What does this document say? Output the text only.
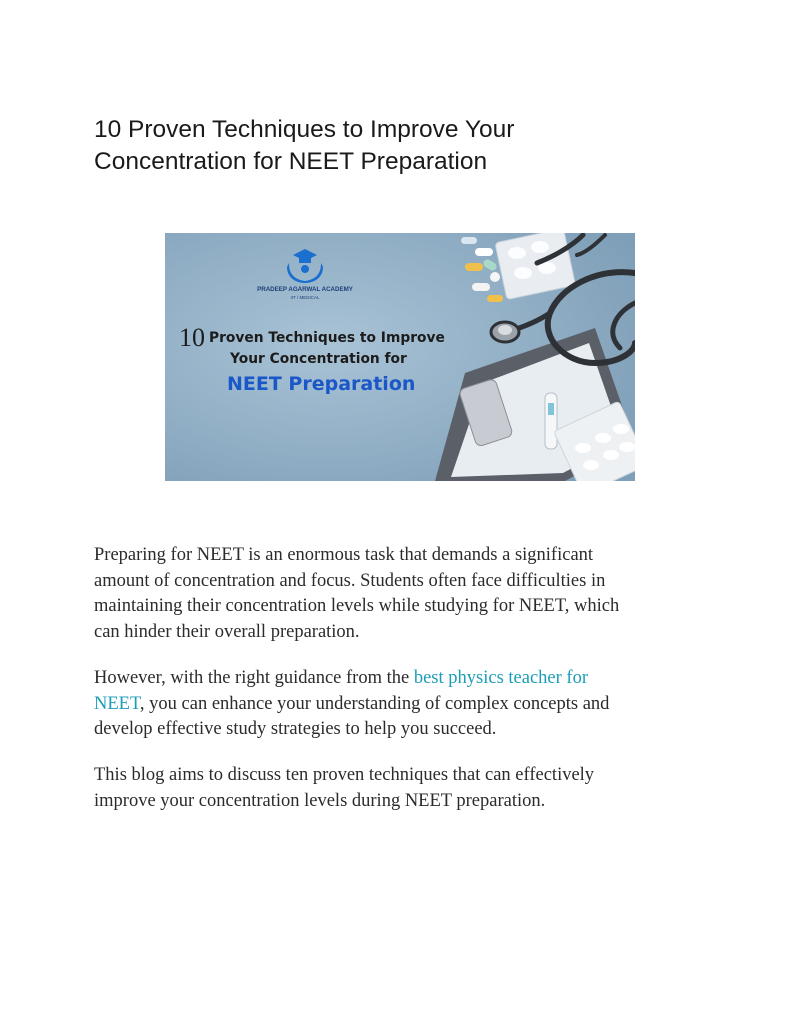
10 Proven Techniques to Improve Your
Concentration for NEET Preparation
PRADEEP AGARWAL ACADEMY
IIT / MEDICAL
10 Proven Techniques to Improve
Your Concentration for
NEET Preparation

Preparing for NEET is an enormous task that demands a significant
amount of concentration and focus. Students often face difficulties in
maintaining their concentration levels while studying for NEET, which
can hinder their overall preparation.

However, with the right guidance from the best physics teacher for
NEET, you can enhance your understanding of complex concepts and
develop effective study strategies to help you succeed.

This blog aims to discuss ten proven techniques that can effectively
improve your concentration levels during NEET preparation.
